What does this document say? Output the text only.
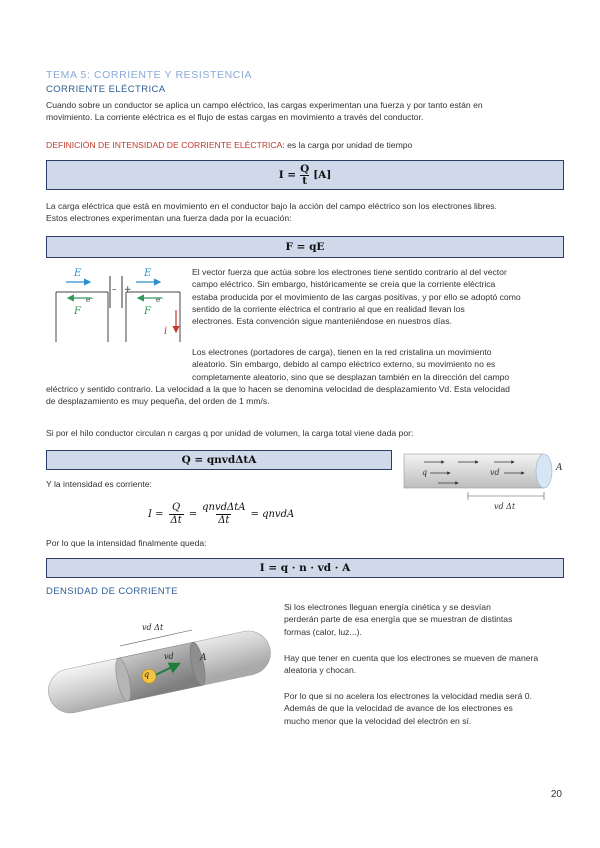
TEMA 5: CORRIENTE Y RESISTENCIA
CORRIENTE ELÉCTRICA
Cuando sobre un conductor se aplica un campo eléctrico, las cargas experimentan una fuerza y por tanto están en
movimiento. La corriente eléctrica es el flujo de estas cargas en movimiento a través del conductor.
DEFINICIÓN DE INTENSIDAD DE CORRIENTE ELÉCTRICA: es la carga por unidad de tiempo
$I = \frac{Q}{t} [A]$
La carga eléctrica que está en movimiento en el conductor bajo la acción del campo eléctrico son los electrones libres.
Estos electrones experimentan una fuerza dada por la ecuación:
F = qE
– +
E	E
e⁻
F
e⁻
F
i
El vector fuerza que actúa sobre los electrones tiene sentido contrario al del vector
campo eléctrico. Sin embargo, históricamente se creía que la corriente eléctrica
estaba producida por el movimiento de las cargas positivas, y por ello se adoptó como
sentido de la corriente eléctrica el contrario al que en realidad llevan los
electrones. Esta convención sigue manteniéndose en nuestros días.
Los electrones (portadores de carga), tienen en la red cristalina un movimiento
aleatorio. Sin embargo, debido al campo eléctrico externo, su movimiento no es
completamente aleatorio, sino que se desplazan también en la dirección del campo
eléctrico y sentido contrario. La velocidad a la que lo hacen se denomina velocidad de desplazamiento Vd. Esta velocidad
de desplazamiento es muy pequeña, del orden de 1 mm/s.
Si por el hilo conductor circulan n cargas q por unidad de volumen, la carga total viene dada por:
Q = qnvdΔtA
q	vd	A
vd Δt
Y la intensidad es corriente:
$I = \frac{Q}{\Delta t}$ =
qnvdΔtA
Δt
= qnvdA
Por lo que la intensidad finalmente queda:
I = q · n · vd · A
DENSIDAD DE CORRIENTE
q
vd	A
vd Δt
Si los electrones lleguan energía cinética y se desvían
perderán parte de esa energía que se muestran de distintas
formas (calor, luz...).
Hay que tener en cuenta que los electrones se mueven de manera
aleatoria y chocan.
Por lo que si no acelera los electrones la velocidad media será 0.
Además de que la velocidad de avance de los electrones es
mucho menor que la velocidad del electrón en sí.
20
